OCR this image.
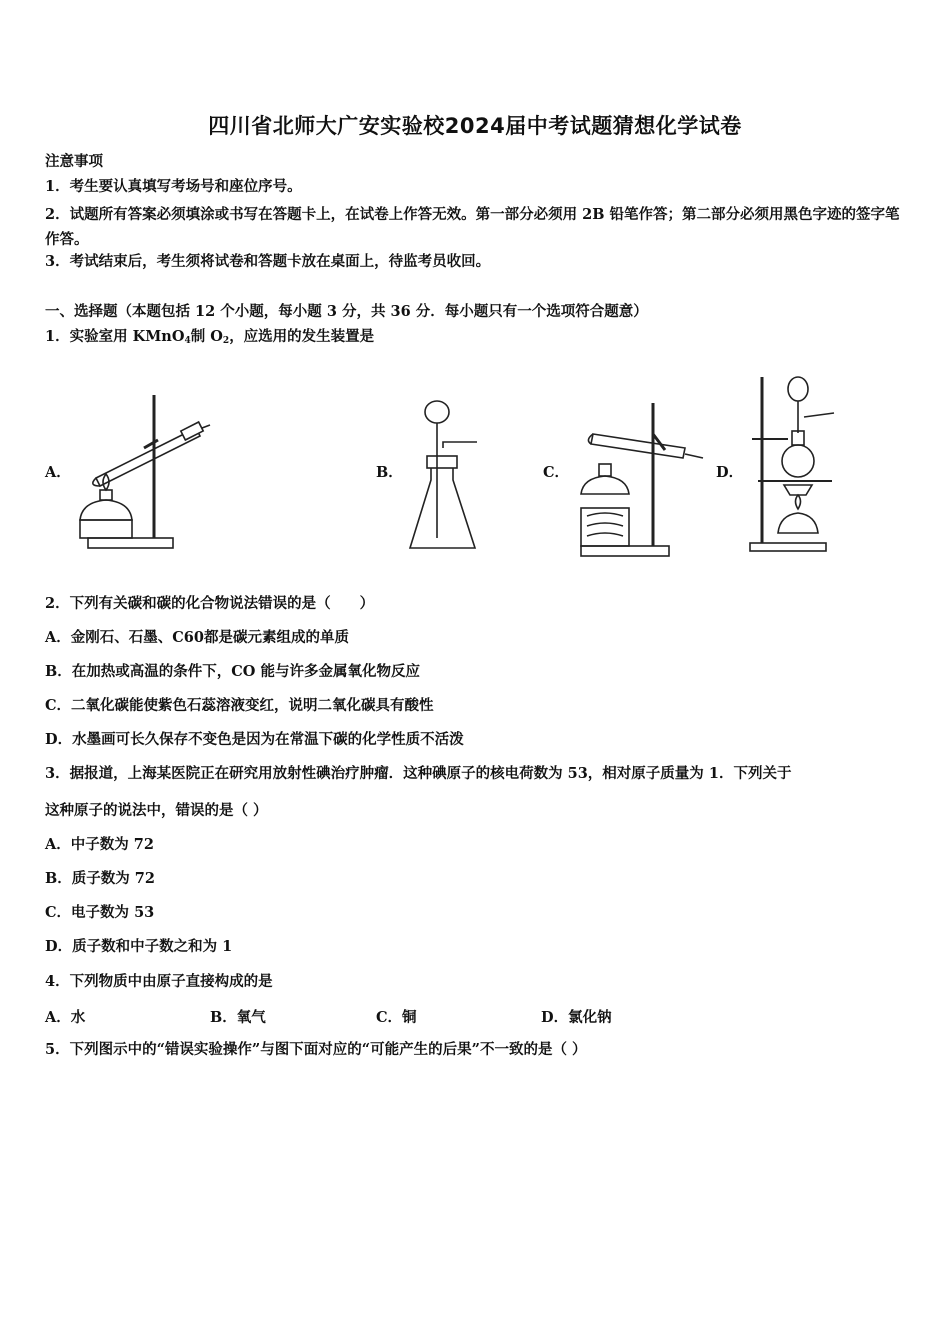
四川省北师大广安实验校2024届中考试题猜想化学试卷
注意事项
1．考生要认真填写考场号和座位序号。
2．试题所有答案必须填涂或书写在答题卡上，在试卷上作答无效。第一部分必须用 2B 铅笔作答；第二部分必须用黑色字迹的签字笔作答。
3．考试结束后，考生须将试卷和答题卡放在桌面上，待监考员收回。
一、选择题（本题包括 12 个小题，每小题 3 分，共 36 分．每小题只有一个选项符合题意）
1．实验室用 KMnO$_4$制 $O_2$，应选用的发生装置是
A．	B．	C．	D．
2．下列有关碳和碳的化合物说法错误的是（　　）
A．金刚石、石墨、C60都是碳元素组成的单质
B．在加热或高温的条件下，CO 能与许多金属氧化物反应
C．二氧化碳能使紫色石蕊溶液变红，说明二氧化碳具有酸性
D．水墨画可长久保存不变色是因为在常温下碳的化学性质不活泼
3．据报道，上海某医院正在研究用放射性碘治疗肿瘤．这种碘原子的核电荷数为 53，相对原子质量为 1．下列关于
这种原子的说法中，错误的是（ ）
A．中子数为 72
B．质子数为 72
C．电子数为 53
D．质子数和中子数之和为 1
4．下列物质中由原子直接构成的是
A．水	B．氧气	C．铜	D．氯化钠
5．下列图示中的“错误实验操作”与图下面对应的“可能产生的后果”不一致的是（ ）
